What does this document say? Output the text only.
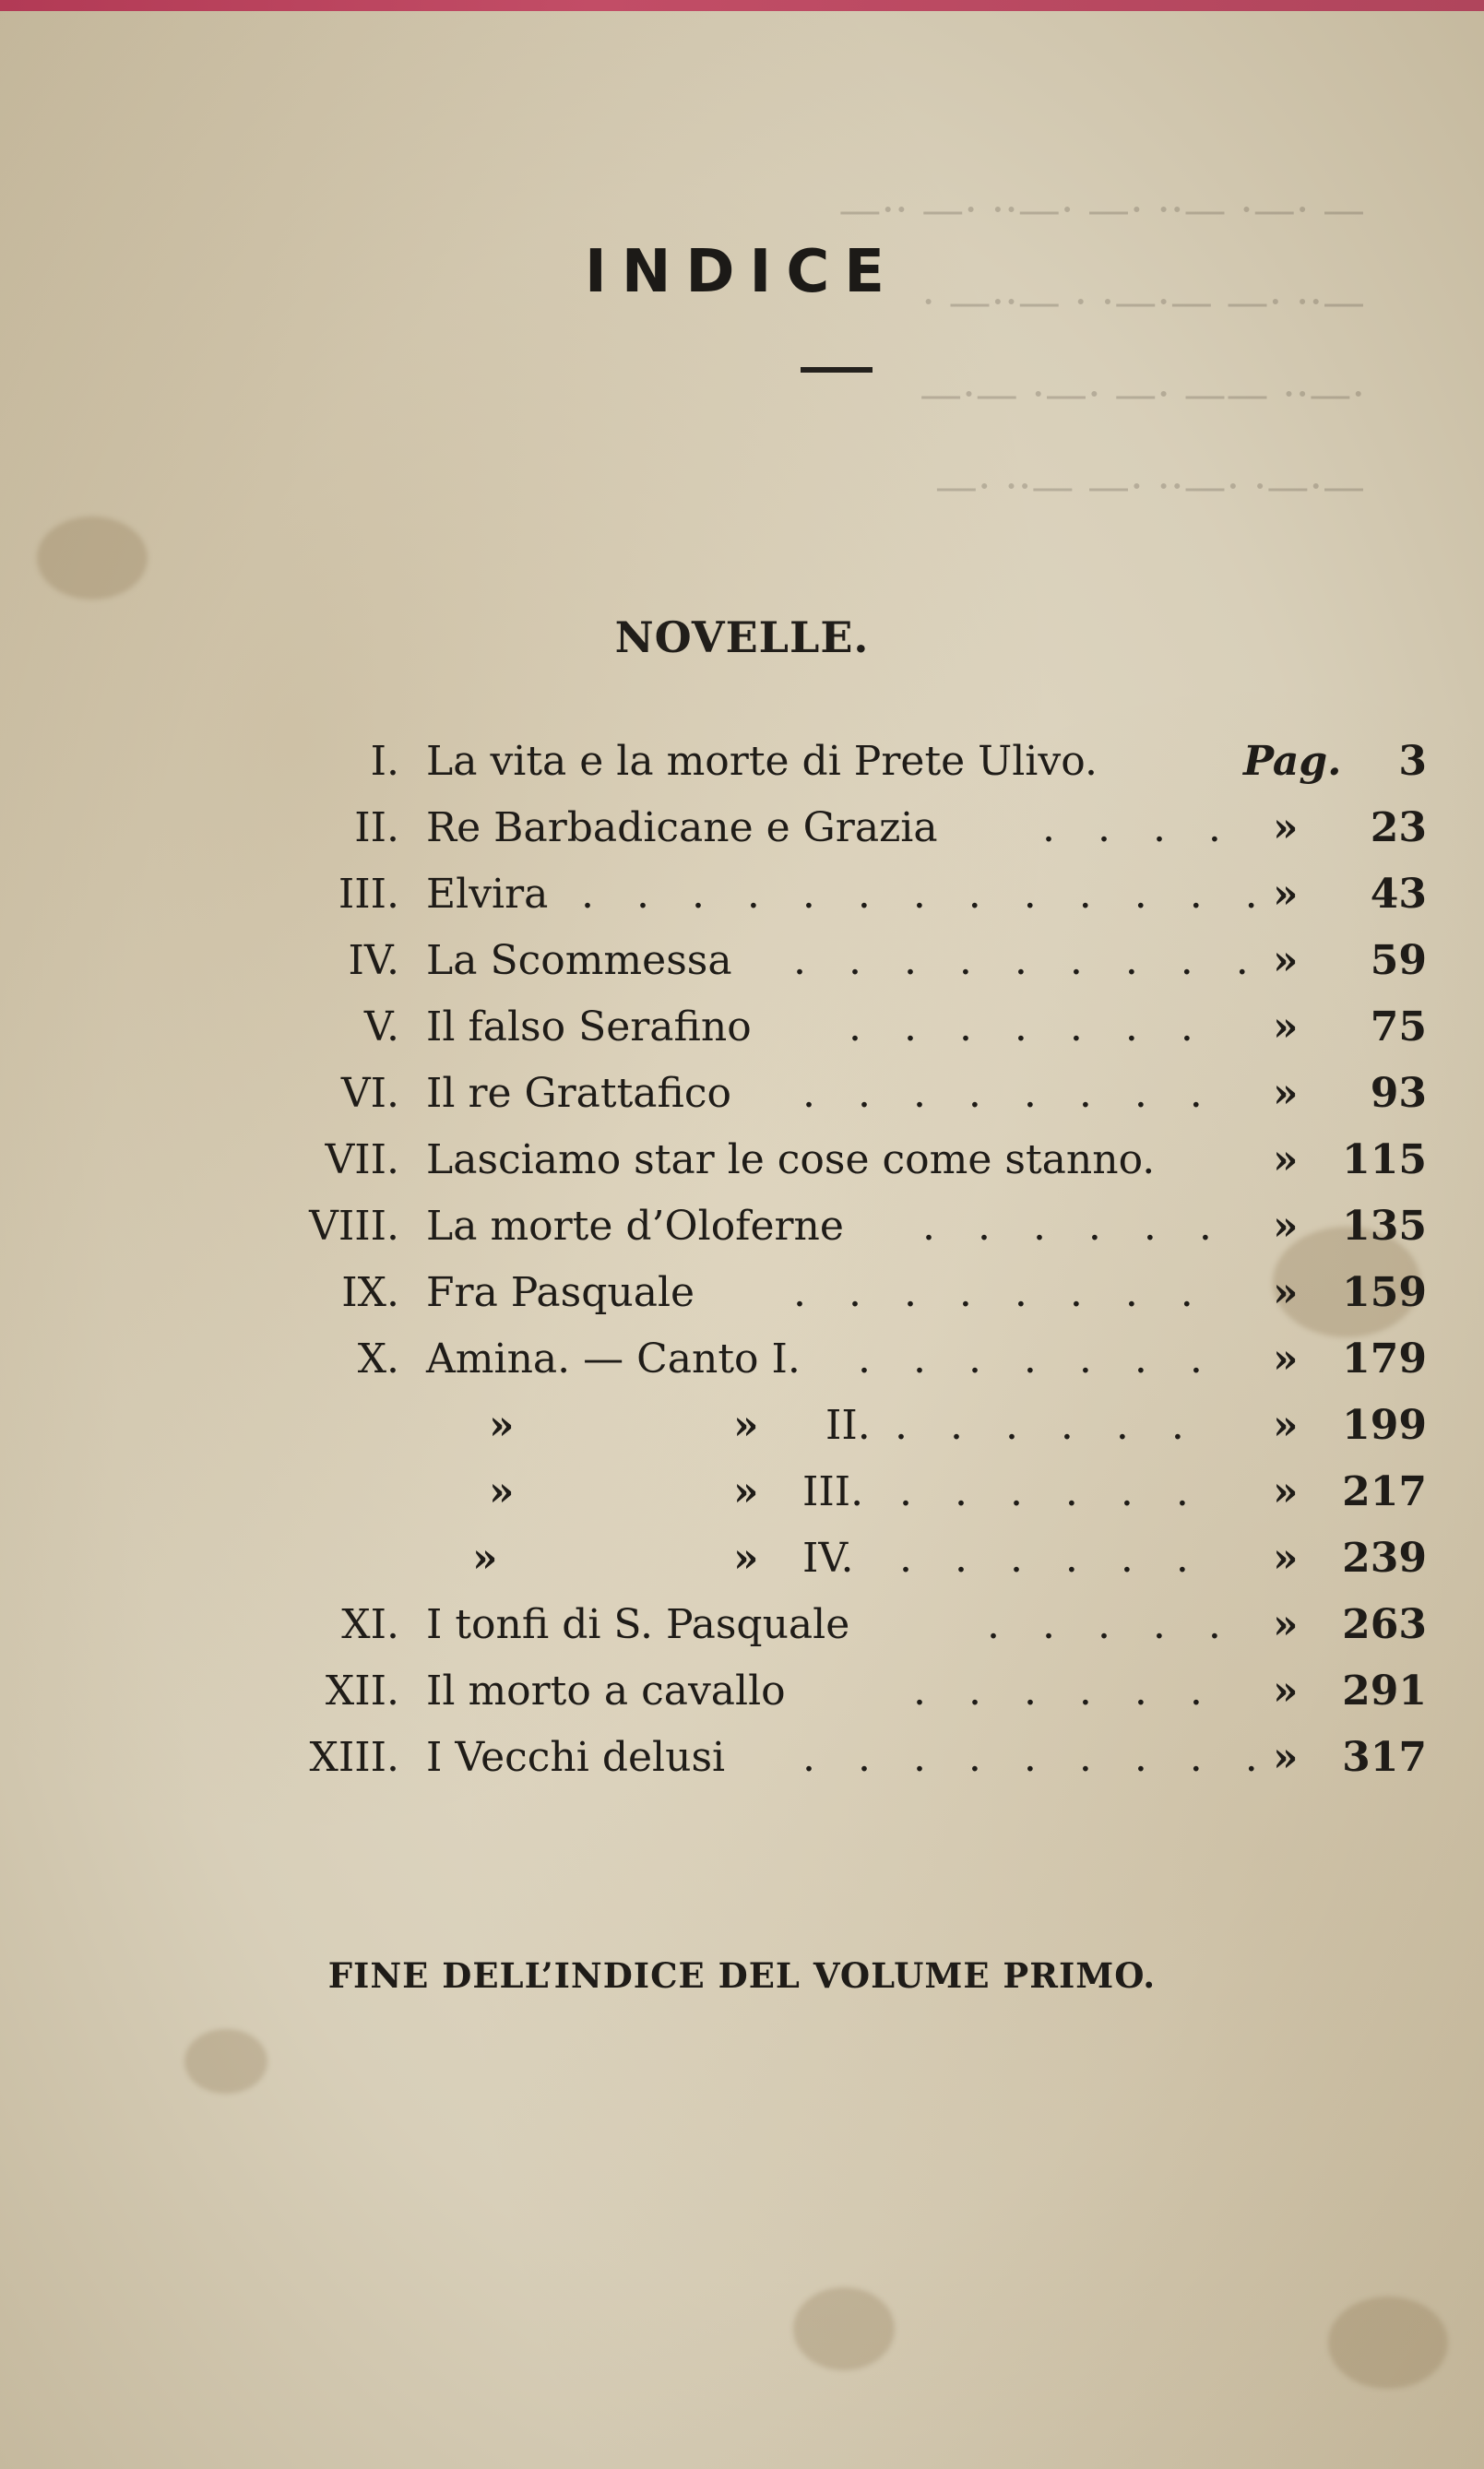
— ·—· —·· ·— ·—·· ·— ··—
—·· ·— —·—· · —··— ·
·—·· —— ·— ·—· —·—
—·—· ·—·· ·— —·· ·—
INDICE
NOVELLE.
I. La vita e la morte di Prete Ulivo.	Pag. 3
II. Re Barbadicane e Grazia	. . . . » 23
III. Elvira . . . . . . . . . . . . . » 43
IV. La Scommessa . . . . . . . . . » 59
V. Il falso Serafino . . . . . . . » 75
VI. Il re Grattafico . . . . . . . . » 93
VII. Lasciamo star le cose come stanno.	» 115
VIII. La morte d’Oloferne . . . . . . » 135
IX. Fra Pasquale . . . . . . . . » 159
X. Amina. — Canto I. . . . . . . . » 179
»	» II. . . . . . . » 199
»	» III. . . . . . . » 217
»	» IV. . . . . . . » 239
XI. I tonfi di S. Pasquale	. . . . . » 263
XII. Il morto a cavallo	. . . . . . » 291
XIII. I Vecchi delusi . . . . . . . . . » 317
FINE DELL’INDICE DEL VOLUME PRIMO.
